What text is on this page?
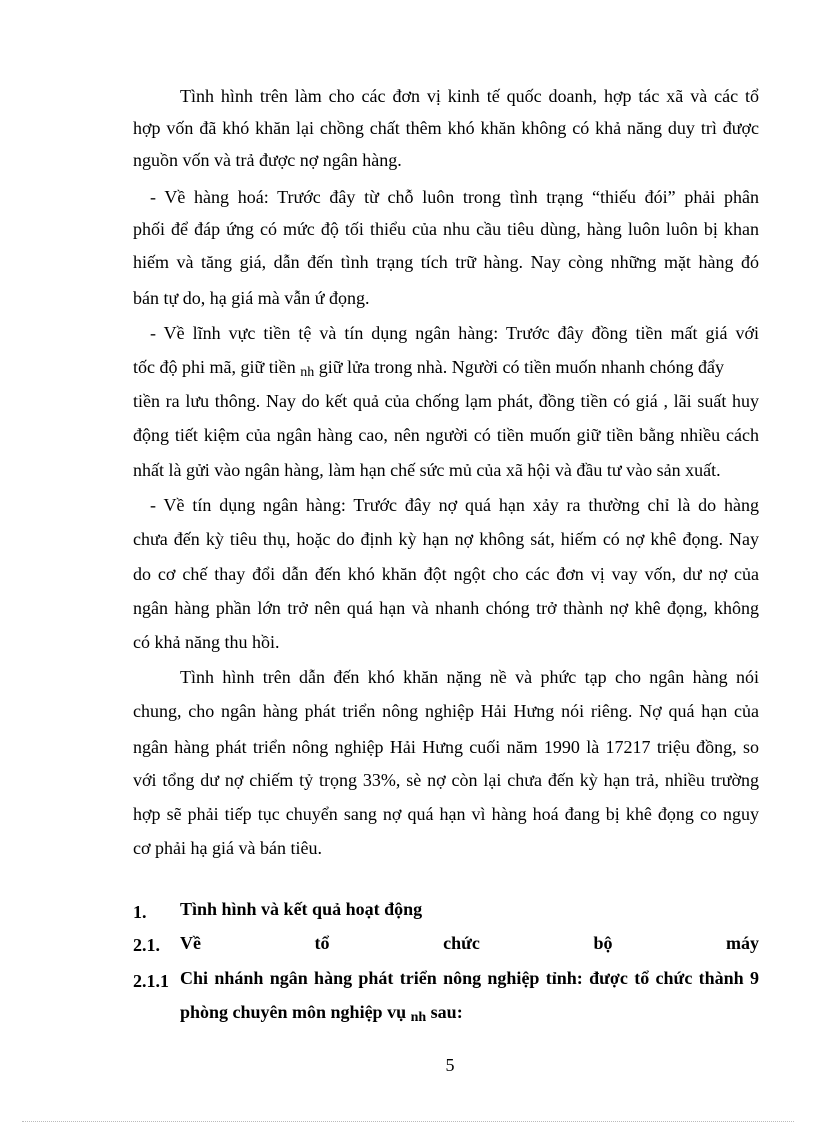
Tình hình trên làm cho các đơn vị kinh tế quốc doanh, hợp tác xã và các tổ
hợp vốn đã khó khăn lại chồng chất thêm khó khăn không có khả năng duy trì được
nguồn vốn và trả được nợ ngân hàng.
- Về hàng hoá: Trước đây từ chỗ luôn trong tình trạng “thiếu đói” phải phân
phối để đáp ứng có mức độ tối thiểu của nhu cầu tiêu dùng, hàng luôn luôn bị khan
hiếm và tăng giá, dẫn đến tình trạng tích trữ hàng. Nay còng những mặt hàng đó
bán tự do, hạ giá mà vẫn ứ đọng.
- Về lĩnh vực tiền tệ và tín dụng ngân hàng: Trước đây đồng tiền mất giá với
tốc độ phi mã, giữ tiền nh giữ lửa trong nhà. Người có tiền muốn nhanh chóng đẩy
tiền ra lưu thông. Nay do kết quả của chống lạm phát, đồng tiền có giá , lãi suất huy
động tiết kiệm của ngân hàng cao, nên người có tiền muốn giữ tiền bằng nhiều cách
nhất là gửi vào ngân hàng, làm hạn chế sức mủ của xã hội và đầu tư vào sản xuất.
- Về tín dụng ngân hàng: Trước đây nợ quá hạn xảy ra thường chỉ là do hàng
chưa đến kỳ tiêu thụ, hoặc do định kỳ hạn nợ không sát, hiếm có nợ khê đọng. Nay
do cơ chế thay đổi dẫn đến khó khăn đột ngột cho các đơn vị vay vốn, dư nợ của
ngân hàng phần lớn trở nên quá hạn và nhanh chóng trở thành nợ khê đọng, không
có khả năng thu hồi.
Tình hình trên dẫn đến khó khăn nặng nề và phức tạp cho ngân hàng nói
chung, cho ngân hàng phát triển nông nghiệp Hải Hưng nói riêng. Nợ quá hạn của
ngân hàng phát triển nông nghiệp Hải Hưng cuối năm 1990 là 17217 triệu đồng, so
với tổng dư nợ chiếm tỷ trọng 33%, sè nợ còn lại chưa đến kỳ hạn trả, nhiều trường
hợp sẽ phải tiếp tục chuyển sang nợ quá hạn vì hàng hoá đang bị khê đọng co nguy
cơ phải hạ giá và bán tiêu.
1. Tình hình và kết quả hoạt động
2.1. Về	tổ	chức	bộ	máy
2.1.1 Chi nhánh ngân hàng phát triển nông nghiệp tỉnh: được tổ chức thành 9
phòng chuyên môn nghiệp vụ nh sau:
5
